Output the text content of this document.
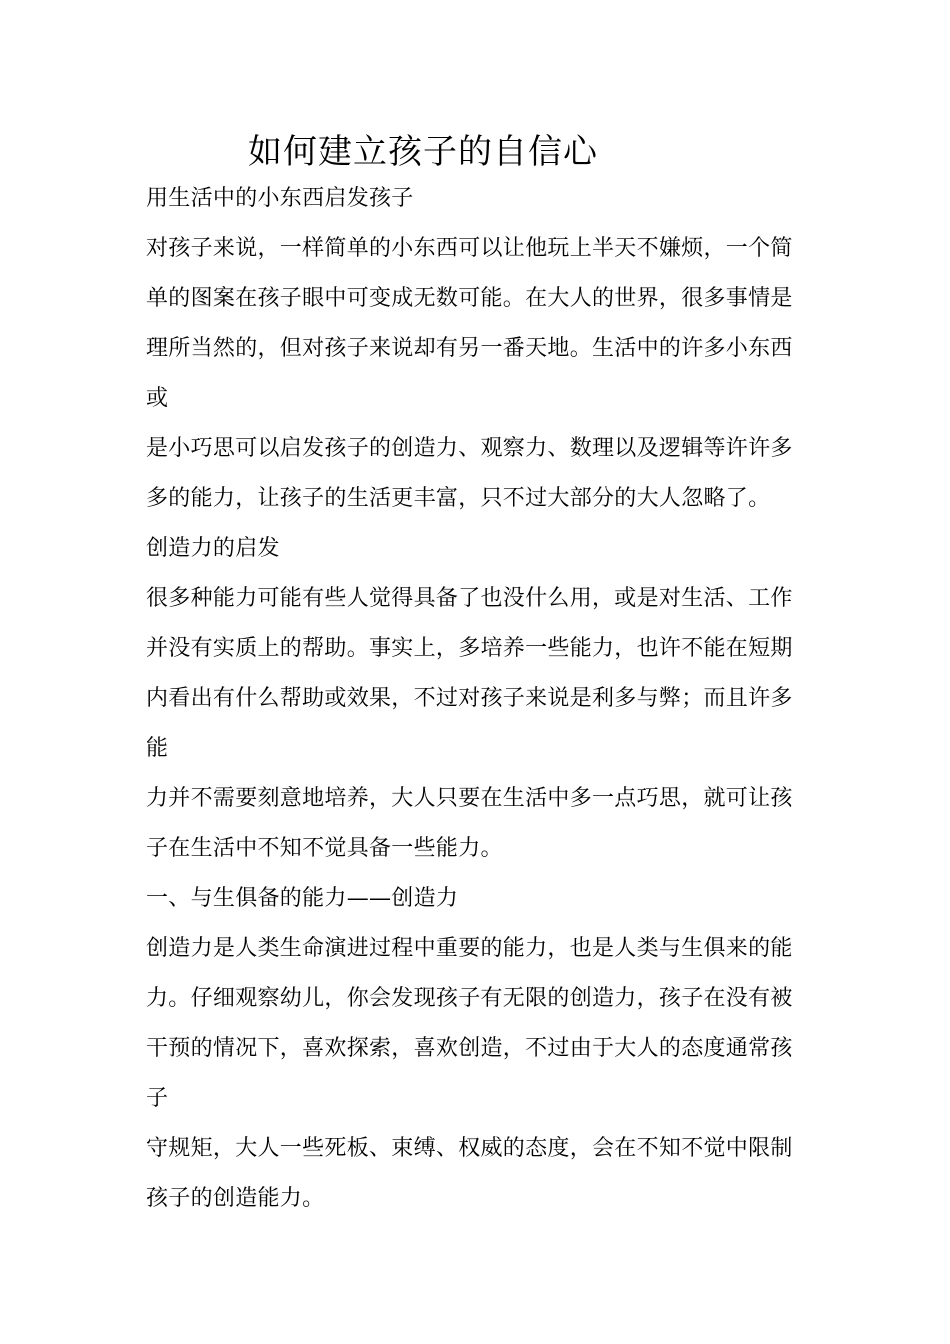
如何建立孩子的自信心
用生活中的小东西启发孩子
对孩子来说，一样简单的小东西可以让他玩上半天不嫌烦，一个简
单的图案在孩子眼中可变成无数可能。在大人的世界，很多事情是
理所当然的，但对孩子来说却有另一番天地。生活中的许多小东西
或
是小巧思可以启发孩子的创造力、观察力、数理以及逻辑等许许多
多的能力，让孩子的生活更丰富，只不过大部分的大人忽略了。
创造力的启发
很多种能力可能有些人觉得具备了也没什么用，或是对生活、工作
并没有实质上的帮助。事实上，多培养一些能力，也许不能在短期
内看出有什么帮助或效果，不过对孩子来说是利多与弊；而且许多
能
力并不需要刻意地培养，大人只要在生活中多一点巧思，就可让孩
子在生活中不知不觉具备一些能力。
一、与生俱备的能力——创造力
创造力是人类生命演进过程中重要的能力，也是人类与生俱来的能
力。仔细观察幼儿，你会发现孩子有无限的创造力，孩子在没有被
干预的情况下，喜欢探索，喜欢创造，不过由于大人的态度通常孩
子
守规矩，大人一些死板、束缚、权威的态度，会在不知不觉中限制
孩子的创造能力。
